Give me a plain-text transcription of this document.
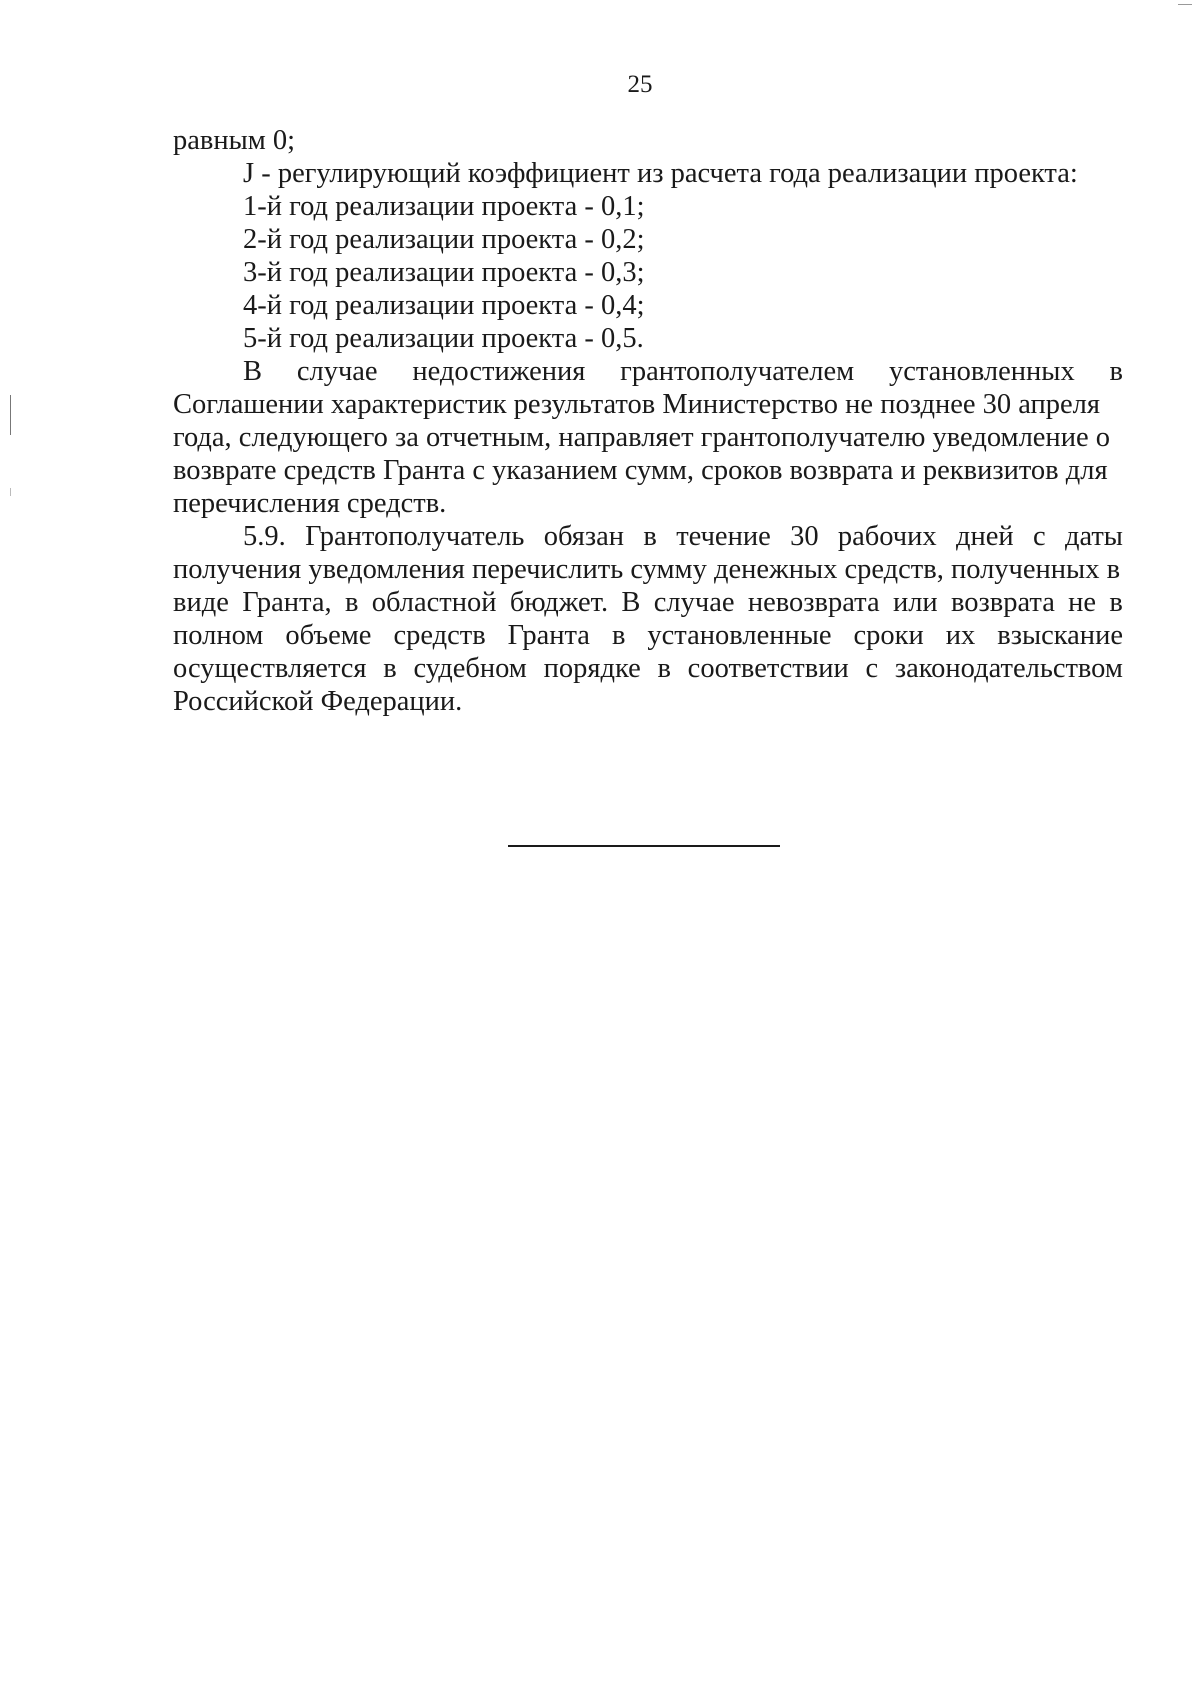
25
равным 0;
J - регулирующий коэффициент из расчета года реализации проекта:
1-й год реализации проекта - 0,1;
2-й год реализации проекта - 0,2;
3-й год реализации проекта - 0,3;
4-й год реализации проекта - 0,4;
5-й год реализации проекта - 0,5.
В случае недостижения грантополучателем установленных в
Соглашении характеристик результатов Министерство не позднее 30 апреля
года, следующего за отчетным, направляет грантополучателю уведомление о
возврате средств Гранта с указанием сумм, сроков возврата и реквизитов для
перечисления средств.
5.9. Грантополучатель обязан в течение 30 рабочих дней с даты
получения уведомления перечислить сумму денежных средств, полученных в
виде Гранта, в областной бюджет. В случае невозврата или возврата не в
полном объеме средств Гранта в установленные сроки их взыскание
осуществляется в судебном порядке в соответствии с законодательством
Российской Федерации.
